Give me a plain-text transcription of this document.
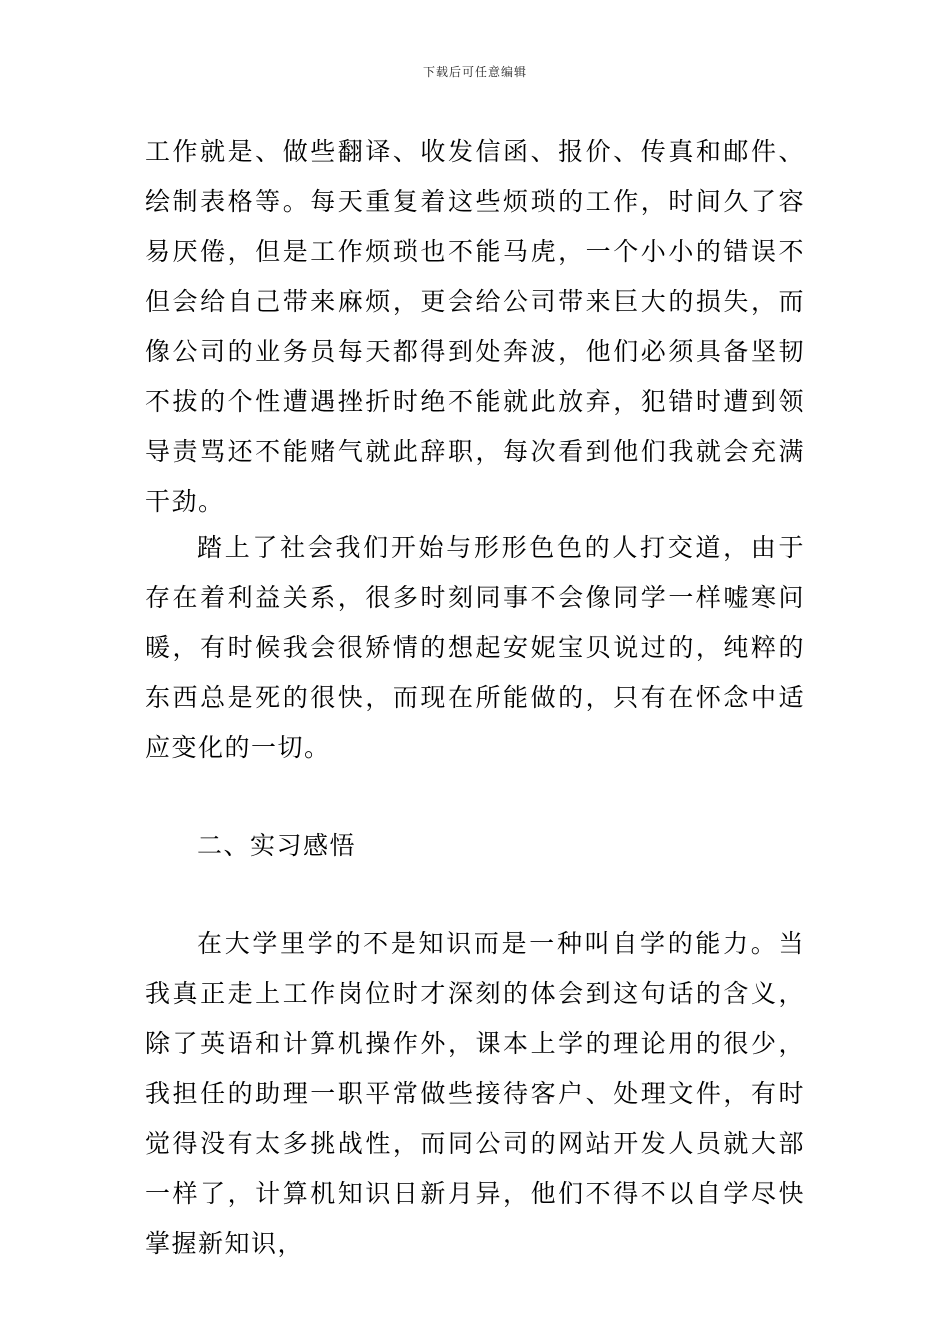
下载后可任意编辑

工作就是、做些翻译、收发信函、报价、传真和邮件、绘制表格等。每天重复着这些烦琐的工作，时间久了容易厌倦，但是工作烦琐也不能马虎，一个小小的错误不但会给自己带来麻烦，更会给公司带来巨大的损失，而像公司的业务员每天都得到处奔波，他们必须具备坚韧不拔的个性遭遇挫折时绝不能就此放弃，犯错时遭到领导责骂还不能赌气就此辞职，每次看到他们我就会充满干劲。

踏上了社会我们开始与形形色色的人打交道，由于存在着利益关系，很多时刻同事不会像同学一样嘘寒问暖，有时候我会很矫情的想起安妮宝贝说过的，纯粹的东西总是死的很快，而现在所能做的，只有在怀念中适应变化的一切。

二、实习感悟

在大学里学的不是知识而是一种叫自学的能力。当我真正走上工作岗位时才深刻的体会到这句话的含义，除了英语和计算机操作外，课本上学的理论用的很少，我担任的助理一职平常做些接待客户、处理文件，有时觉得没有太多挑战性，而同公司的网站开发人员就大部一样了，计算机知识日新月异，他们不得不以自学尽快掌握新知识，
